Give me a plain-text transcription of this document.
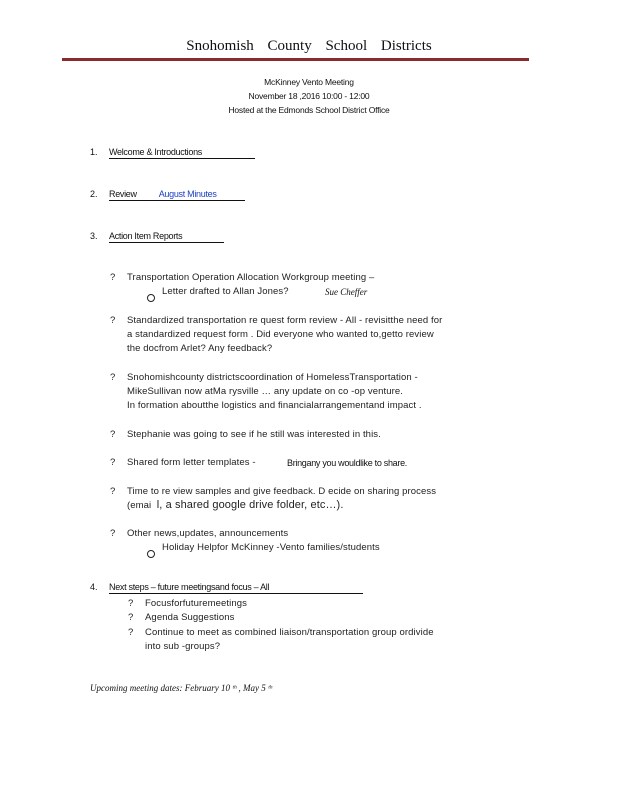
Snohomish County School Districts
McKinney Vento Meeting
November 18 ,2016 10:00 - 12:00
Hosted at the Edmonds School District Office
1. Welcome & Introductions
2. Review August Minutes
3. Action Item Reports
? Transportation Operation Allocation Workgroup meeting –
Letter drafted to Allan Jones?	Sue Cheffer
? Standardized transportation re quest form review - All - revisitthe need for
a standardized request form . Did everyone who wanted to,getto review
the docfrom Arlet? Any feedback?
? Snohomishcounty districtscoordination of HomelessTransportation -
MikeSullivan now atMa rysville … any update on co -op venture.
In formation aboutthe logistics and financialarrangementand impact .
? Stephanie was going to see if he still was interested in this.
? Shared form letter templates -	Bringany you wouldlike to share.
? Time to re view samples and give feedback. D ecide on sharing process
(emai l, a shared google drive folder, etc…).
? Other news,updates, announcements
Holiday Helpfor McKinney -Vento families/students
4. Next steps – future meetingsand focus – All
? Focusforfuturemeetings
? Agenda Suggestions
? Continue to meet as combined liaison/transportation group ordivide
into sub -groups?
Upcoming meeting dates: February 10 ᵗʰ , May 5 ᵗʰ
